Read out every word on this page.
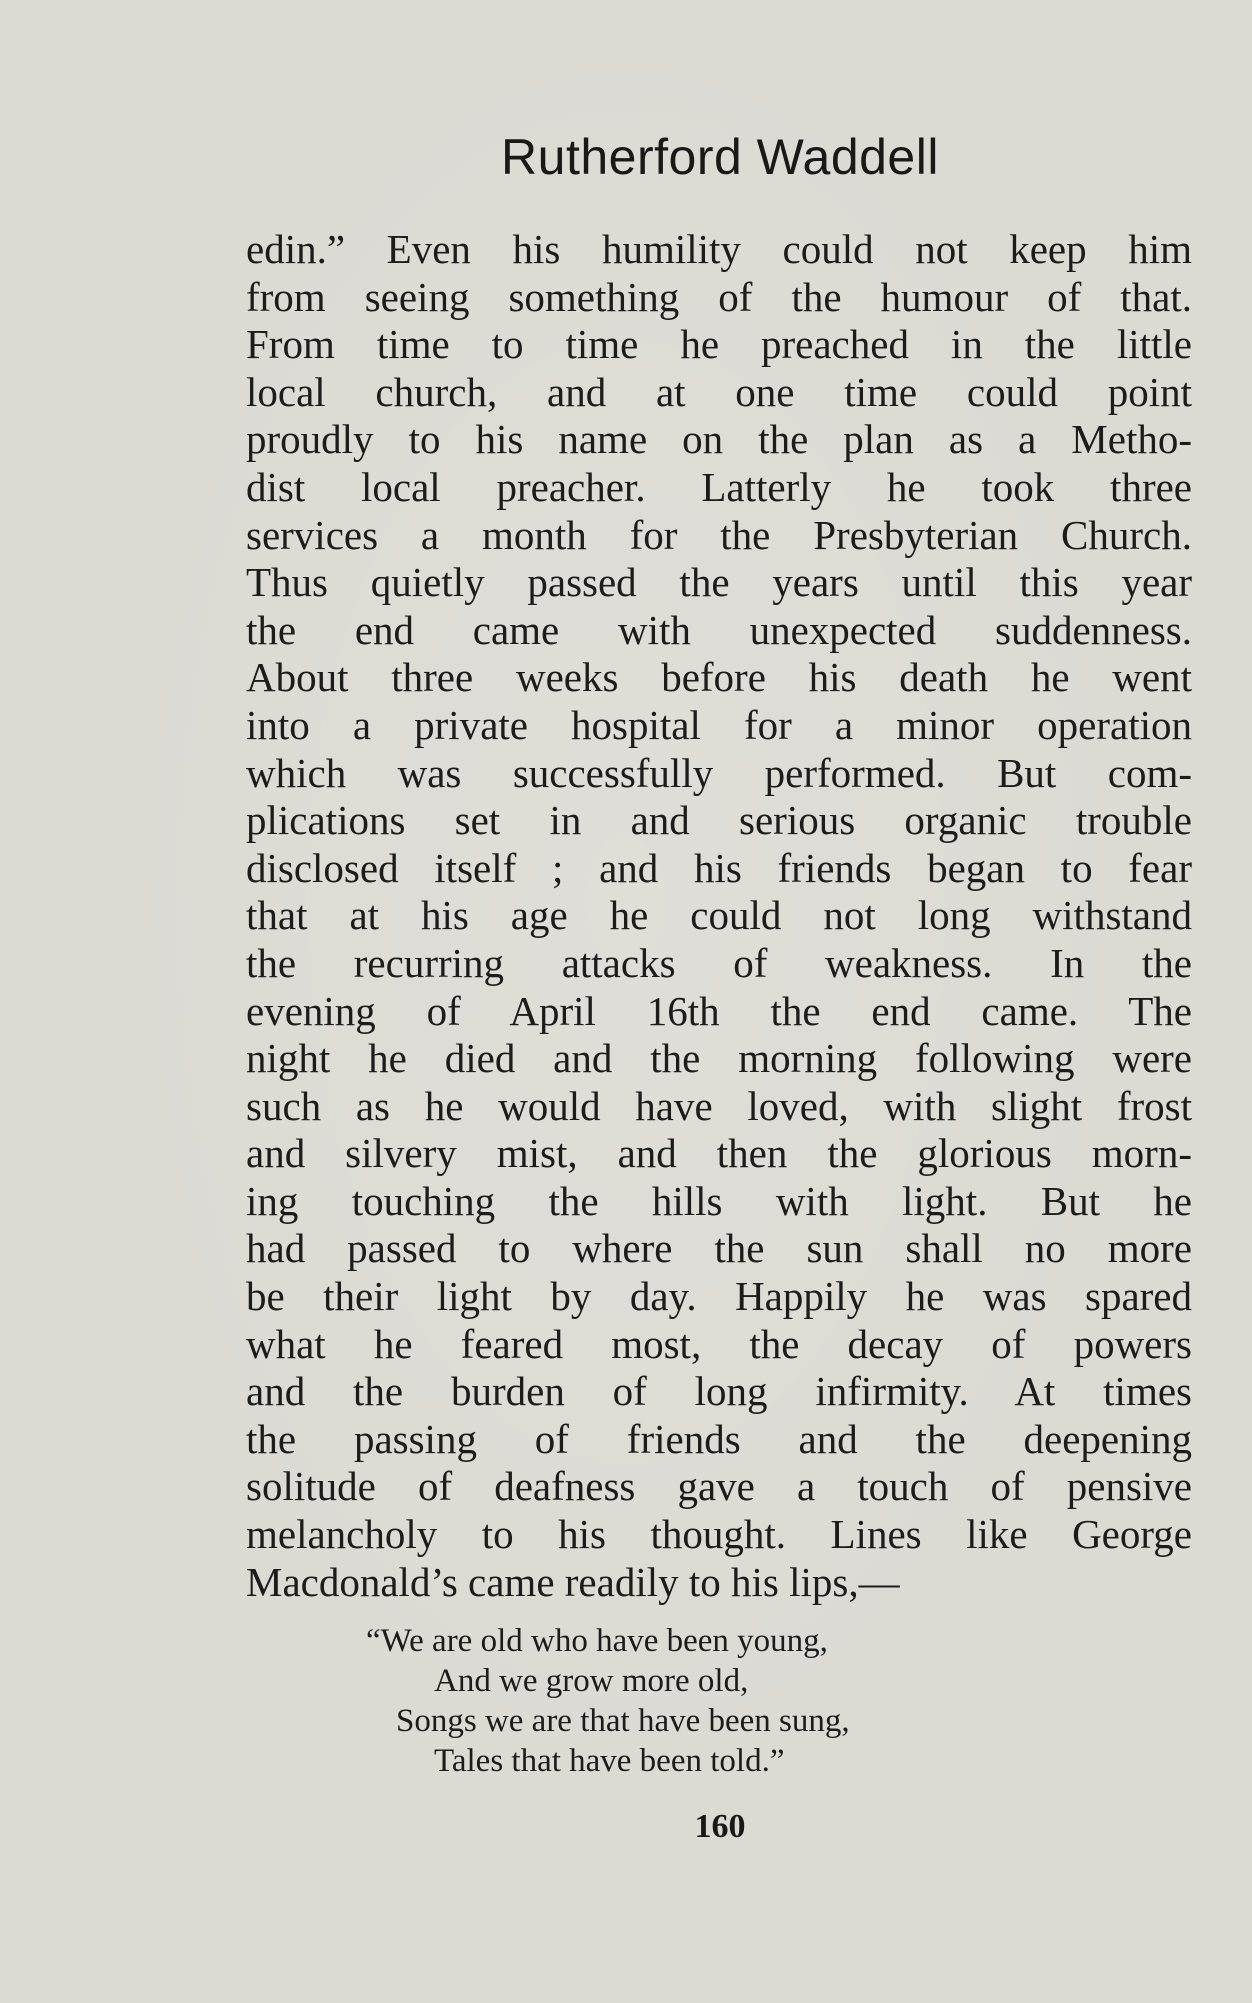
Rutherford Waddell
edin.” Even his humility could not keep him
from seeing something of the humour of that.
From time to time he preached in the little
local church, and at one time could point
proudly to his name on the plan as a Metho-
dist local preacher. Latterly he took three
services a month for the Presbyterian Church.
Thus quietly passed the years until this year
the end came with unexpected suddenness.
About three weeks before his death he went
into a private hospital for a minor operation
which was successfully performed. But com-
plications set in and serious organic trouble
disclosed itself ; and his friends began to fear
that at his age he could not long withstand
the recurring attacks of weakness. In the
evening of April 16th the end came. The
night he died and the morning following were
such as he would have loved, with slight frost
and silvery mist, and then the glorious morn-
ing touching the hills with light. But he
had passed to where the sun shall no more
be their light by day. Happily he was spared
what he feared most, the decay of powers
and the burden of long infirmity. At times
the passing of friends and the deepening
solitude of deafness gave a touch of pensive
melancholy to his thought. Lines like George
Macdonald’s came readily to his lips,—
“We are old who have been young,
And we grow more old,
Songs we are that have been sung,
Tales that have been told.”

160
